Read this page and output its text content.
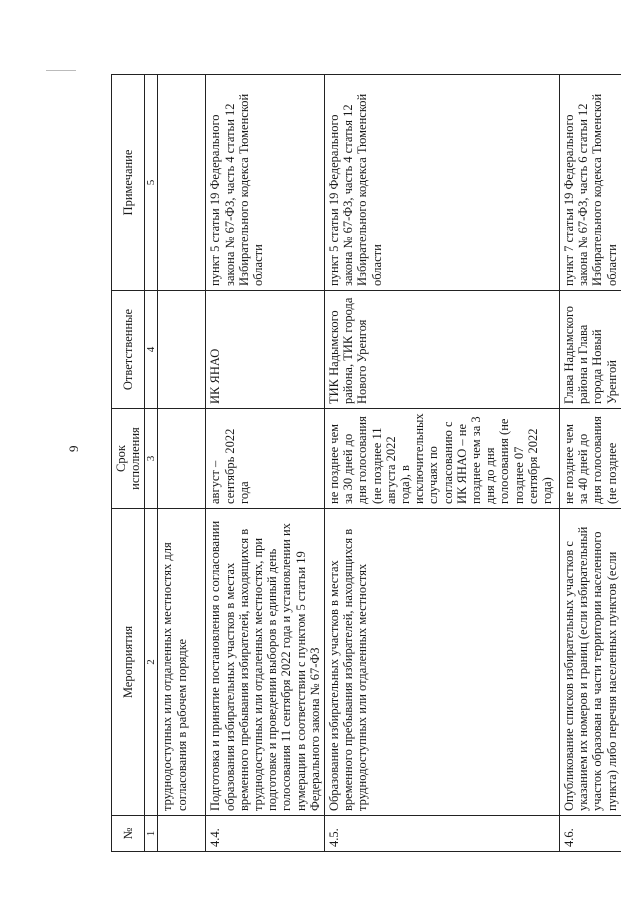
9
№	Мероприятия	Срок исполнения	Ответственные	Примечание
1	2	3	4	5
	труднодоступных или отдаленных местностях для согласования в рабочем порядке			
4.4.	Подготовка и принятие постановления о согласовании образования избирательных участков в местах временного пребывания избирателей, находящихся в труднодоступных или отдаленных местностях, при подготовке и проведении выборов в единый день голосования 11 сентября 2022 года и установлении их нумерации в соответствии с пунктом 5 статьи 19 Федерального закона № 67-ФЗ	август – сентябрь 2022 года	ИК ЯНАО	пункт 5 статьи 19 Федерального закона № 67-ФЗ, часть 4 статьи 12 Избирательного кодекса Тюменской области
4.5.	Образование избирательных участков в местах временного пребывания избирателей, находящихся в труднодоступных или отдаленных местностях	не позднее чем за 30 дней до дня голосования (не позднее 11 августа 2022 года), в исключительных случаях по согласованию с ИК ЯНАО – не позднее чем за 3 дня до дня голосования (не позднее 07 сентября 2022 года)	ТИК Надымского района, ТИК города Нового Уренгоя	пункт 5 статьи 19 Федерального закона № 67-ФЗ, часть 4 статья 12 Избирательного кодекса Тюменской области
4.6.	Опубликование списков избирательных участков с указанием их номеров и границ (если избирательный участок образован на части территории населенного пункта) либо перечня населенных пунктов (если	не позднее чем за 40 дней до дня голосования (не позднее	Глава Надымского района и Глава города Новый Уренгой	пункт 7 статьи 19 Федерального закона № 67-ФЗ, часть 6 статьи 12 Избирательного кодекса Тюменской области
